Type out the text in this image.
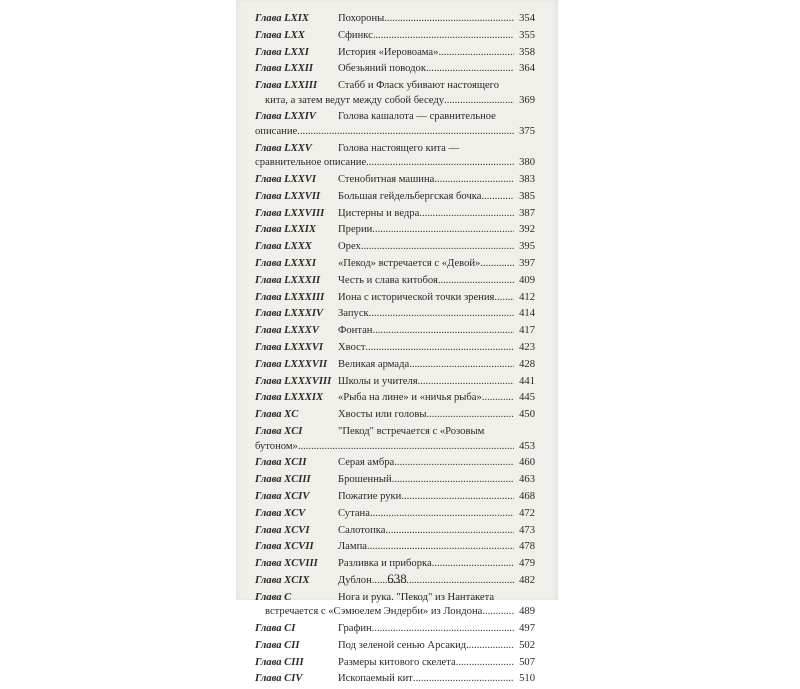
Глава LXIX	Похороны .....	354
Глава LXX	Сфинкс .....	355
Глава LXXI	История «Иеровоама» .....	358
Глава LXXII	Обезьяний поводок .....	364
Глава LXXIII	Стабб и Фласк убивают настоящего
кита, а затем ведут между собой беседу .....	369
Глава LXXIV	Голова кашалота — сравнительное
описание .....	375
Глава LXXV	Голова настоящего кита —
сравнительное описание .....	380
Глава LXXVI	Стенобитная машина .....	383
Глава LXXVII	Большая гейдельбергская бочка .....	385
Глава LXXVIII	Цистерны и ведра .....	387
Глава LXXIX	Прерии .....	392
Глава LXXX	Орех .....	395
Глава LXXXI	«Пекод» встречается с «Девой» .....	397
Глава LXXXII	Честь и слава китобоя .....	409
Глава LXXXIII	Иона с исторической точки зрения .....	412
Глава LXXXIV	Запуск .....	414
Глава LXXXV	Фонтан .....	417
Глава LXXXVI	Хвост .....	423
Глава LXXXVII	Великая армада .....	428
Глава LXXXVIII Школы и учителя .....	441
Глава LXXXIX	«Рыба на лине» и «ничья рыба» .....	445
Глава XC	Хвосты или головы .....	450
Глава XCI	"Пекод" встречается с «Розовым
бутоном» .....	453
Глава XCII	Серая амбра .....	460
Глава XCIII	Брошенный .....	463
Глава XCIV	Пожатие руки .....	468
Глава XCV	Сутана .....	472
Глава XCVI	Салотопка .....	473
Глава XCVII	Лампа .....	478
Глава XCVIII	Разливка и приборка .....	479
Глава XCIX	Дублон .....	482
Глава C	Нога и рука. "Пекод" из Нантакета
встречается с «Сэмюелем Эндерби» из Лондона .....	489
Глава CI	Графин .....	497
Глава CII	Под зеленой сенью Арсакид .....	502
Глава CIII	Размеры китового скелета .....	507
Глава CIV	Ископаемый кит .....	510
638
